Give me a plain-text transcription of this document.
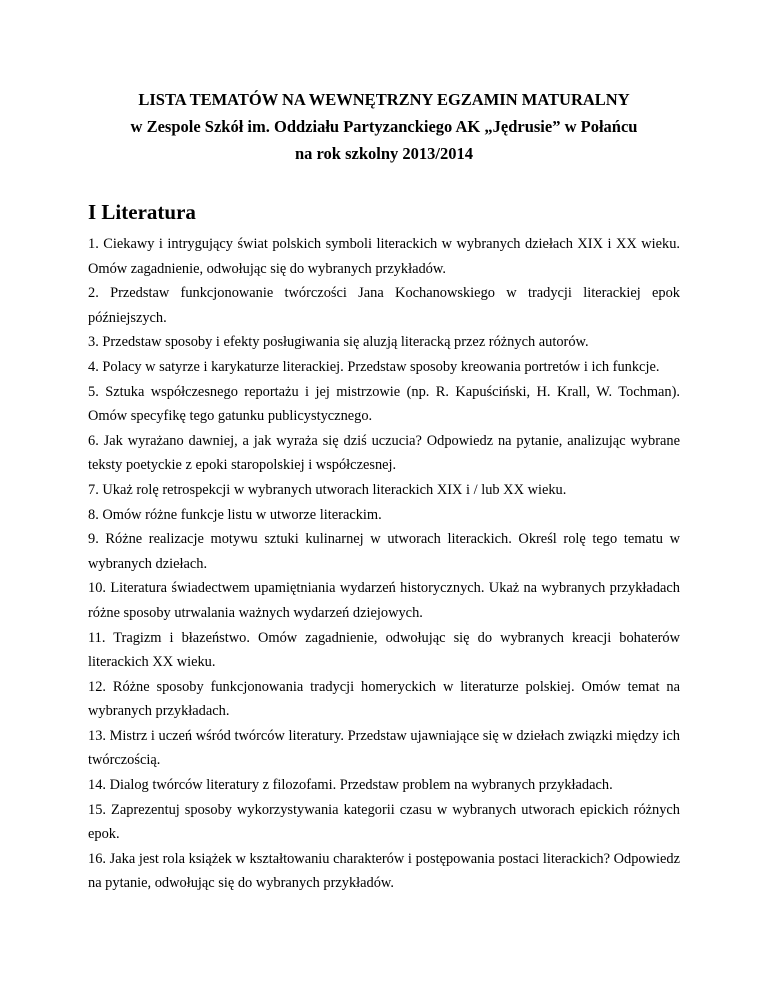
LISTA TEMATÓW NA WEWNĘTRZNY EGZAMIN MATURALNY
w Zespole Szkół im. Oddziału Partyzanckiego AK „Jędrusie” w Połańcu
na rok szkolny 2013/2014
I Literatura
1. Ciekawy i intrygujący świat polskich symboli literackich w wybranych dziełach XIX i XX wieku. Omów zagadnienie, odwołując się do wybranych przykładów.
2. Przedstaw funkcjonowanie twórczości Jana Kochanowskiego w tradycji literackiej epok późniejszych.
3. Przedstaw sposoby i efekty posługiwania się aluzją literacką przez różnych autorów.
4. Polacy w satyrze i karykaturze literackiej. Przedstaw sposoby kreowania portretów i ich funkcje.
5. Sztuka współczesnego reportażu i jej mistrzowie (np. R. Kapuściński, H. Krall, W. Tochman). Omów specyfikę tego gatunku publicystycznego.
6. Jak wyrażano dawniej, a jak wyraża się dziś uczucia? Odpowiedz na pytanie, analizując wybrane teksty poetyckie z epoki staropolskiej i współczesnej.
7. Ukaż rolę retrospekcji w wybranych utworach literackich XIX i / lub XX wieku.
8. Omów różne funkcje listu w utworze literackim.
9. Różne realizacje motywu sztuki kulinarnej w utworach literackich. Określ rolę tego tematu w wybranych dziełach.
10. Literatura świadectwem upamiętniania wydarzeń historycznych. Ukaż na wybranych przykładach różne sposoby utrwalania ważnych wydarzeń dziejowych.
11. Tragizm i błazeństwo. Omów zagadnienie, odwołując się do wybranych kreacji bohaterów literackich XX wieku.
12. Różne sposoby funkcjonowania tradycji homeryckich w literaturze polskiej. Omów temat na wybranych przykładach.
13. Mistrz i uczeń wśród twórców literatury. Przedstaw ujawniające się w dziełach związki między ich twórczością.
14. Dialog twórców literatury z filozofami. Przedstaw problem na wybranych przykładach.
15. Zaprezentuj sposoby wykorzystywania kategorii czasu w wybranych utworach epickich różnych epok.
16. Jaka jest rola książek w kształtowaniu charakterów i postępowania postaci literackich? Odpowiedz na pytanie, odwołując się do wybranych przykładów.
